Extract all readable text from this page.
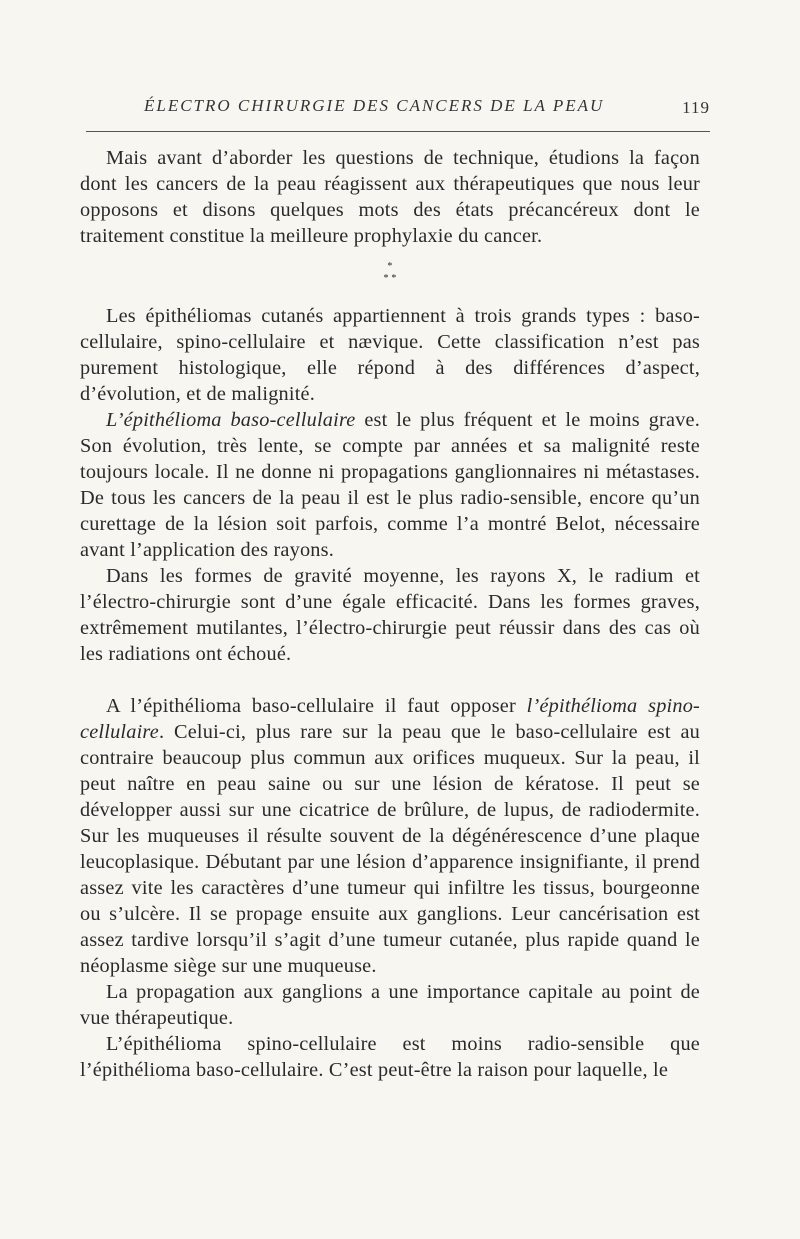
ÉLECTRO CHIRURGIE DES CANCERS DE LA PEAU	119

Mais avant d’aborder les questions de technique, étudions la façon dont les cancers de la peau réagissent aux thérapeutiques que nous leur opposons et disons quelques mots des états précancéreux dont le traitement constitue la meilleure prophylaxie du cancer.

*
* *

Les épithéliomas cutanés appartiennent à trois grands types : baso-cellulaire, spino-cellulaire et nævique. Cette classification n’est pas purement histologique, elle répond à des différences d’aspect, d’évolution, et de malignité.

L’épithélioma baso-cellulaire est le plus fréquent et le moins grave. Son évolution, très lente, se compte par années et sa malignité reste toujours locale. Il ne donne ni propagations ganglionnaires ni métastases. De tous les cancers de la peau il est le plus radio-sensible, encore qu’un curettage de la lésion soit parfois, comme l’a montré Belot, nécessaire avant l’application des rayons.

Dans les formes de gravité moyenne, les rayons X, le radium et l’électro-chirurgie sont d’une égale efficacité. Dans les formes graves, extrêmement mutilantes, l’électro-chirurgie peut réussir dans des cas où les radiations ont échoué.

A l’épithélioma baso-cellulaire il faut opposer l’épithélioma spino-cellulaire. Celui-ci, plus rare sur la peau que le baso-cellulaire est au contraire beaucoup plus commun aux orifices muqueux. Sur la peau, il peut naître en peau saine ou sur une lésion de kératose. Il peut se développer aussi sur une cicatrice de brûlure, de lupus, de radiodermite. Sur les muqueuses il résulte souvent de la dégénérescence d’une plaque leucoplasique. Débutant par une lésion d’apparence insignifiante, il prend assez vite les caractères d’une tumeur qui infiltre les tissus, bourgeonne ou s’ulcère. Il se propage ensuite aux ganglions. Leur cancérisation est assez tardive lorsqu’il s’agit d’une tumeur cutanée, plus rapide quand le néoplasme siège sur une muqueuse.

La propagation aux ganglions a une importance capitale au point de vue thérapeutique.

L’épithélioma spino-cellulaire est moins radio-sensible que l’épithélioma baso-cellulaire. C’est peut-être la raison pour laquelle, le
